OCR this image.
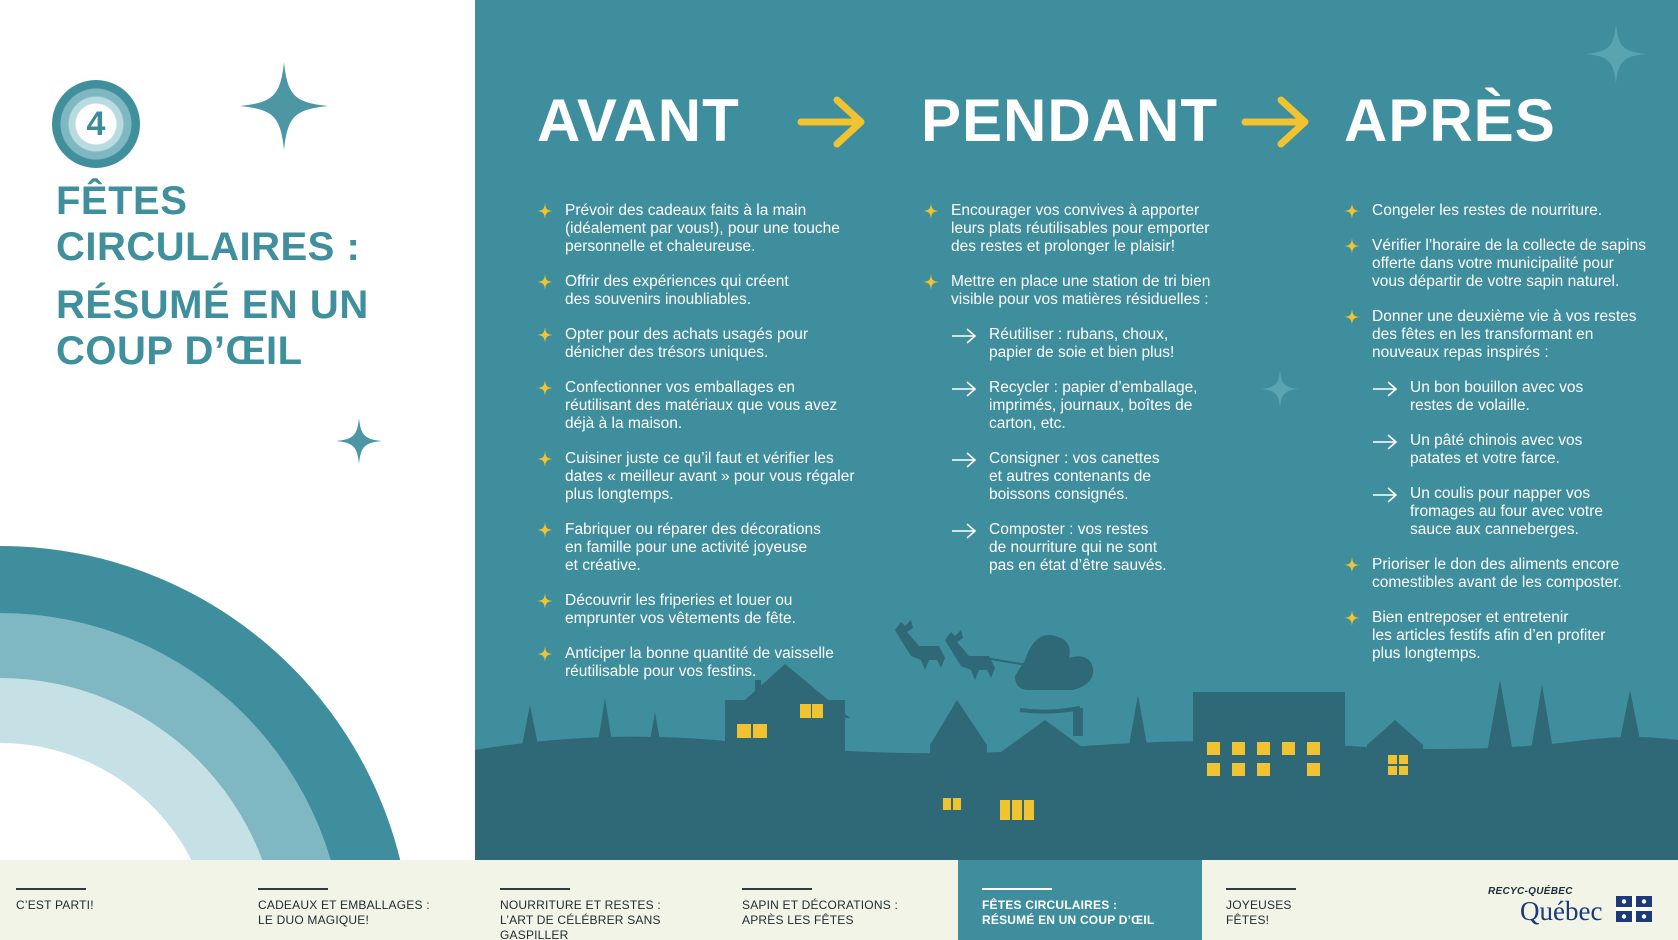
4
FÊTES CIRCULAIRES :
RÉSUMÉ EN UN
COUP D’ŒIL
AVANT	PENDANT APRÈS
Prévoir des cadeaux faits à la main
(idéalement par vous!), pour une touche
personnelle et chaleureuse.
Offrir des expériences qui créent
des souvenirs inoubliables.
Opter pour des achats usagés pour
dénicher des trésors uniques.
Confectionner vos emballages en
réutilisant des matériaux que vous avez
déjà à la maison.
Cuisiner juste ce qu’il faut et vérifier les
dates « meilleur avant » pour vous régaler
plus longtemps.
Fabriquer ou réparer des décorations
en famille pour une activité joyeuse
et créative.
Découvrir les friperies et louer ou
emprunter vos vêtements de fête.
Anticiper la bonne quantité de vaisselle
réutilisable pour vos festins.
Encourager vos convives à apporter
leurs plats réutilisables pour emporter
des restes et prolonger le plaisir!
Mettre en place une station de tri bien
visible pour vos matières résiduelles :
Réutiliser : rubans, choux,
papier de soie et bien plus!
Recycler : papier d’emballage,
imprimés, journaux, boîtes de
carton, etc.
Consigner : vos canettes
et autres contenants de
boissons consignés.
Composter : vos restes
de nourriture qui ne sont
pas en état d’être sauvés.
Congeler les restes de nourriture.
Vérifier l’horaire de la collecte de sapins
offerte dans votre municipalité pour
vous départir de votre sapin naturel.
Donner une deuxième vie à vos restes
des fêtes en les transformant en
nouveaux repas inspirés :
Un bon bouillon avec vos
restes de volaille.
Un pâté chinois avec vos
patates et votre farce.
Un coulis pour napper vos
fromages au four avec votre
sauce aux canneberges.
Prioriser le don des aliments encore
comestibles avant de les composter.
Bien entreposer et entretenir
les articles festifs afin d’en profiter
plus longtemps.
C’EST PARTI!	CADEAUX ET EMBALLAGES :
LE DUO MAGIQUE!
NOURRITURE ET RESTES :
L’ART DE CÉLÉBRER SANS GASPILLER
SAPIN ET DÉCORATIONS :
APRÈS LES FÊTES
FÊTES CIRCULAIRES :
RÉSUMÉ EN UN COUP D’ŒIL
JOYEUSES
FÊTES!
RECYC-QUÉBEC
Québec
